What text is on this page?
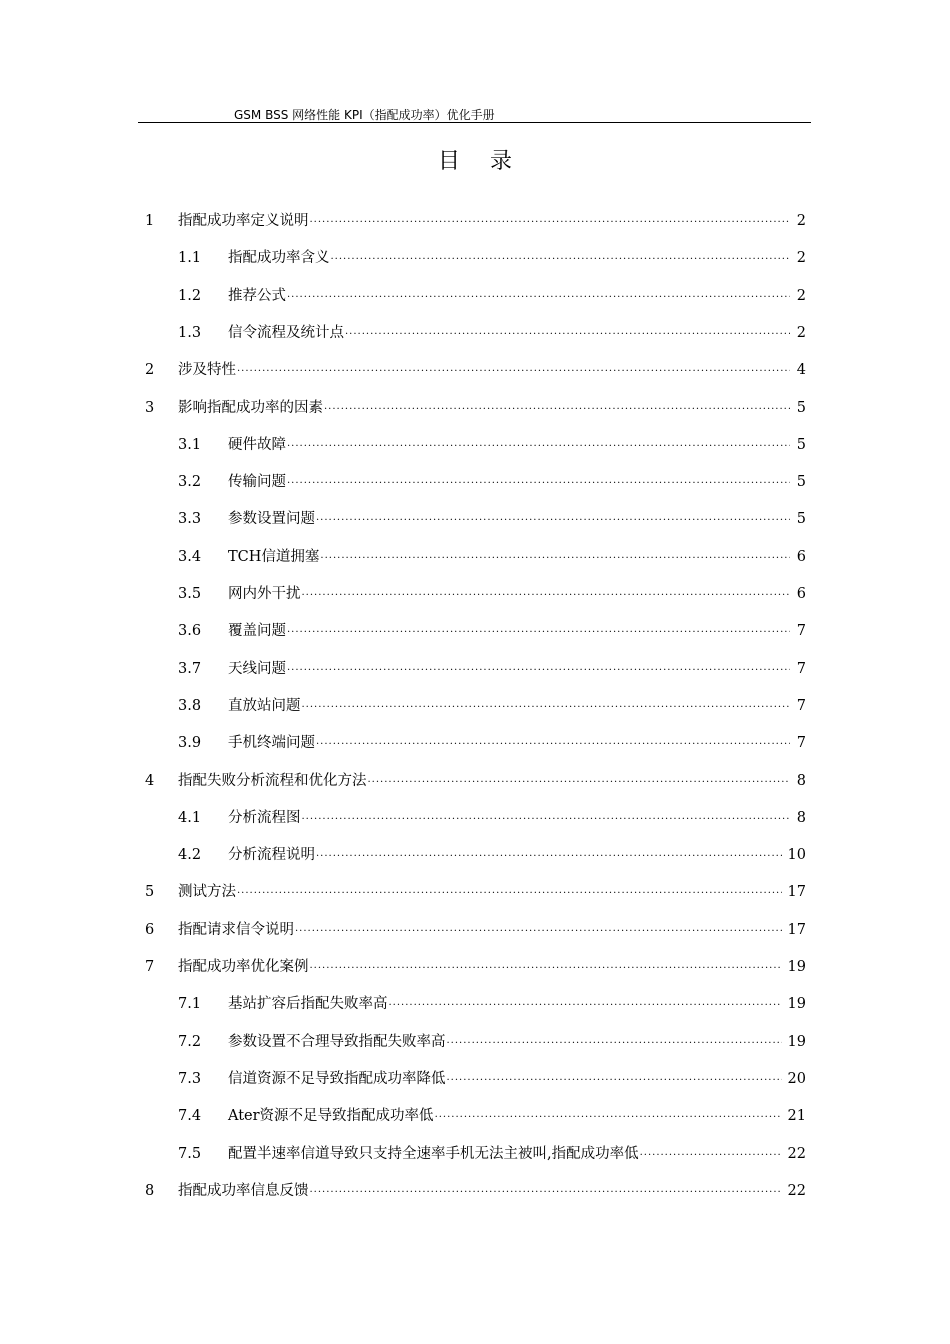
GSM BSS 网络性能 KPI（指配成功率）优化手册
目录
1	指配成功率定义说明 .....	2
1.1	指配成功率含义 .....	2
1.2	推荐公式 .....	2
1.3	信令流程及统计点 .....	2
2	涉及特性 .....	4
3	影响指配成功率的因素 .....	5
3.1	硬件故障 .....	5
3.2	传输问题 .....	5
3.3	参数设置问题 .....	5
3.4	TCH信道拥塞 .....	6
3.5	网内外干扰 .....	6
3.6	覆盖问题 .....	7
3.7	天线问题 .....	7
3.8	直放站问题 .....	7
3.9	手机终端问题 .....	7
4	指配失败分析流程和优化方法 .....	8
4.1	分析流程图 .....	8
4.2	分析流程说明 .....	10
5	测试方法 .....	17
6	指配请求信令说明 .....	17
7	指配成功率优化案例 .....	19
7.1	基站扩容后指配失败率高 .....	19
7.2	参数设置不合理导致指配失败率高 .....	19
7.3	信道资源不足导致指配成功率降低 .....	20
7.4	Ater资源不足导致指配成功率低 .....	21
7.5	配置半速率信道导致只支持全速率手机无法主被叫,指配成功率低 .....	22
8	指配成功率信息反馈 .....	22
